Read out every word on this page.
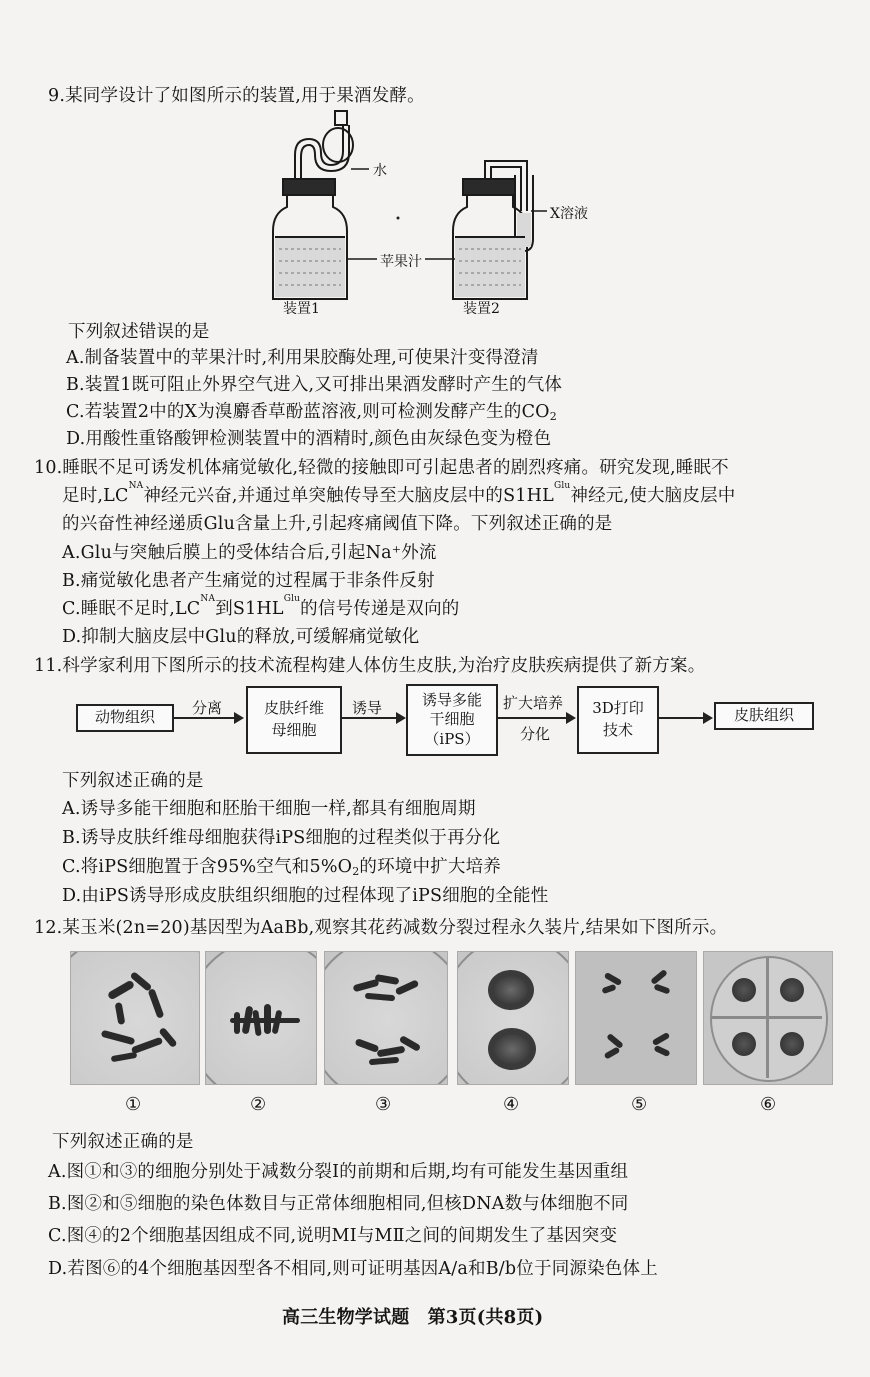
9.某同学设计了如图所示的装置,用于果酒发酵。
水
X溶液
苹果汁
装置1	装置2
下列叙述错误的是
A.制备装置中的苹果汁时,利用果胶酶处理,可使果汁变得澄清
B.装置1既可阻止外界空气进入,又可排出果酒发酵时产生的气体
C.若装置2中的X为溴麝香草酚蓝溶液,则可检测发酵产生的$CO_2$
D.用酸性重铬酸钾检测装置中的酒精时,颜色由灰绿色变为橙色
10.睡眠不足可诱发机体痛觉敏化,轻微的接触即可引起患者的剧烈疼痛。研究发现,睡眠不
足时$,LC^{NA}$神经元兴奋,并通过单突触传导至大脑皮层中的$S1HL^{Glu}$神经元,使大脑皮层中
的兴奋性神经递质Glu含量上升,引起疼痛阈值下降。下列叙述正确的是
A.Glu与突触后膜上的受体结合后,引起Na⁺外流
B.痛觉敏化患者产生痛觉的过程属于非条件反射
C.睡眠不足时$,LC^{NA}$到$S1HL^{Glu}$的信号传递是双向的
D.抑制大脑皮层中Glu的释放,可缓解痛觉敏化
11.科学家利用下图所示的技术流程构建人体仿生皮肤,为治疗皮肤疾病提供了新方案。
动物组织
分离	皮肤纤维
母细胞
诱导	诱导多能
干细胞
（iPS）
扩大培养
分化
3D打印
技术
皮肤组织
下列叙述正确的是
A.诱导多能干细胞和胚胎干细胞一样,都具有细胞周期
B.诱导皮肤纤维母细胞获得iPS细胞的过程类似于再分化
C.将iPS细胞置于含95%空气和$5\%O_2$的环境中扩大培养
D.由iPS诱导形成皮肤组织细胞的过程体现了iPS细胞的全能性
12.某玉米(2n=20)基因型为AaBb,观察其花药减数分裂过程永久装片,结果如下图所示。
①	②	③	④	⑤	⑥
下列叙述正确的是
A.图①和③的细胞分别处于减数分裂Ⅰ的前期和后期,均有可能发生基因重组
B.图②和⑤细胞的染色体数目与正常体细胞相同,但核DNA数与体细胞不同
C.图④的2个细胞基因组成不同,说明MⅠ与MⅡ之间的间期发生了基因突变
D.若图⑥的4个细胞基因型各不相同,则可证明基因A/a和B/b位于同源染色体上
高三生物学试题　第3页(共8页)
